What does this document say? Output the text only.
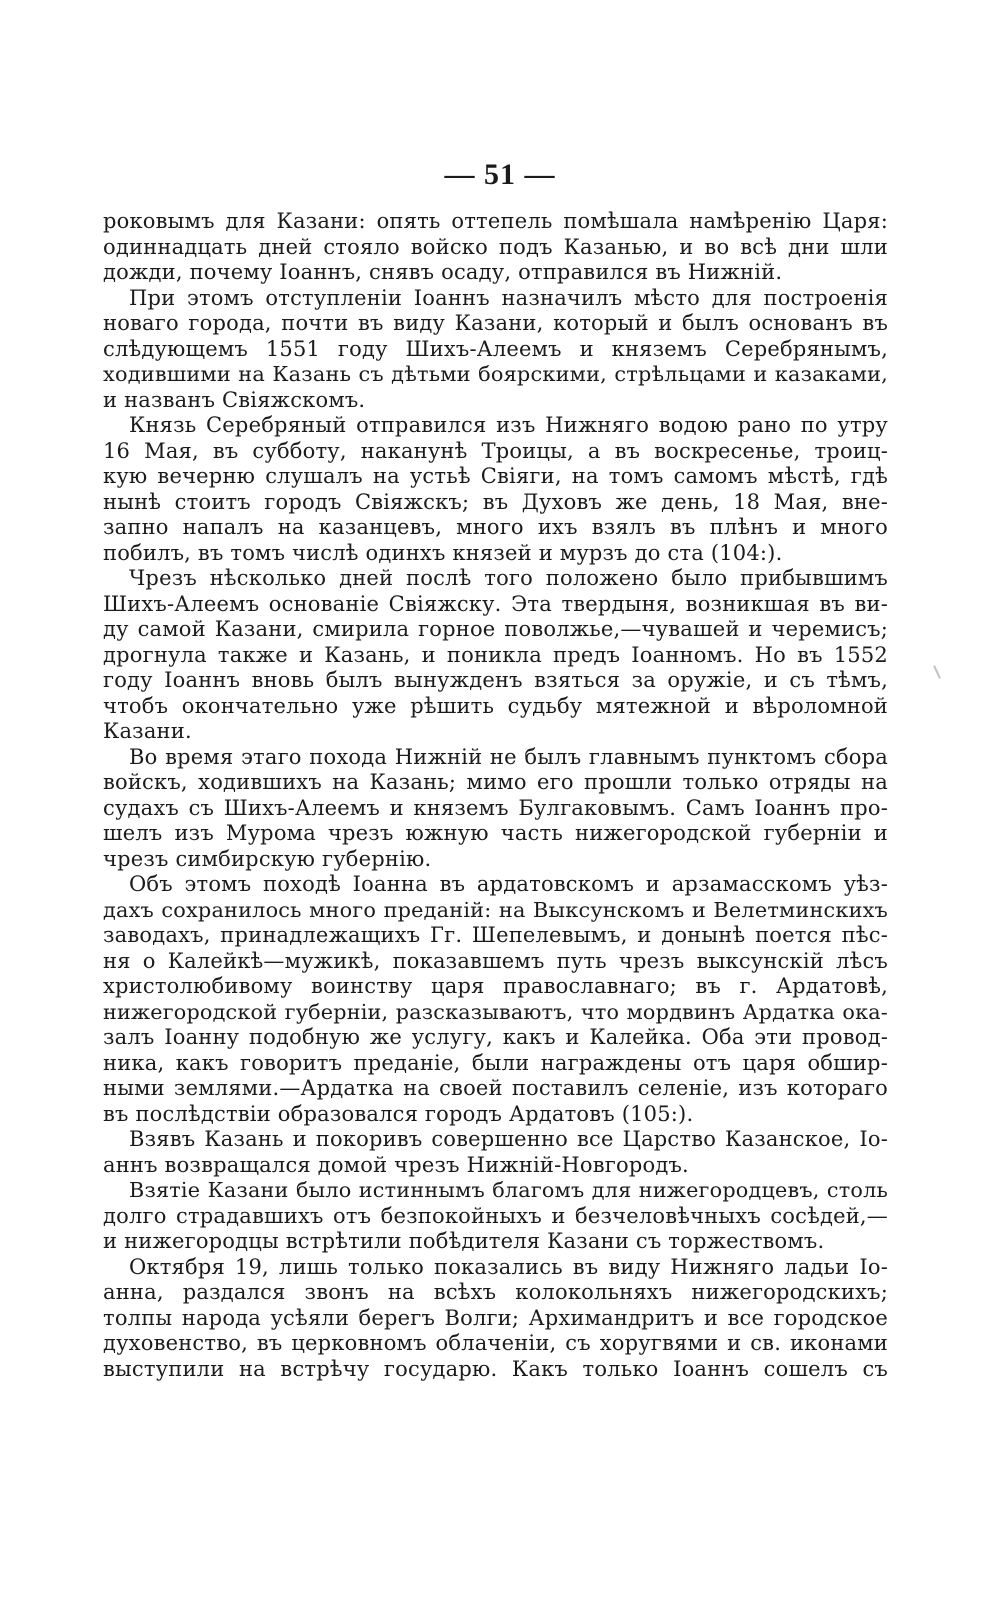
— 51 —
роковымъ для Казани: опять оттепель помѣшала намѣренію Царя:
одиннадцать дней стояло войско подъ Казанью, и во всѣ дни шли
дожди, почему Іоаннъ, снявъ осаду, отправился въ Нижній.
При этомъ отступленіи Іоаннъ назначилъ мѣсто для построенія
новаго города, почти въ виду Казани, который и былъ основанъ въ
слѣдующемъ 1551 году Шихъ-Алеемъ и княземъ Серебрянымъ,
ходившими на Казань съ дѣтьми боярскими, стрѣльцами и казаками,
и названъ Свіяжскомъ.
Князь Серебряный отправился изъ Нижняго водою рано по утру
16 Мая, въ субботу, наканунѣ Троицы, а въ воскресенье, троиц-
кую вечерню слушалъ на устьѣ Свіяги, на томъ самомъ мѣстѣ, гдѣ
нынѣ стоитъ городъ Свіяжскъ; въ Духовъ же день, 18 Мая, вне-
запно напалъ на казанцевъ, много ихъ взялъ въ плѣнъ и много
побилъ, въ томъ числѣ одинхъ князей и мурзъ до ста (104:).
Чрезъ нѣсколько дней послѣ того положено было прибывшимъ
Шихъ-Алеемъ основаніе Свіяжску. Эта твердыня, возникшая въ ви-
ду самой Казани, смирила горное поволжье,—чувашей и черемисъ;
дрогнула также и Казань, и поникла предъ Іоанномъ. Но въ 1552
году Іоаннъ вновь былъ вынужденъ взяться за оружіе, и съ тѣмъ,
чтобъ окончательно уже рѣшить судьбу мятежной и вѣроломной
Казани.
Во время этаго похода Нижній не былъ главнымъ пунктомъ сбора
войскъ, ходившихъ на Казань; мимо его прошли только отряды на
судахъ съ Шихъ-Алеемъ и княземъ Булгаковымъ. Самъ Іоаннъ про-
шелъ изъ Мурома чрезъ южную часть нижегородской губерніи и
чрезъ симбирскую губернію.
Объ этомъ походѣ Іоанна въ ардатовскомъ и арзамасскомъ уѣз-
дахъ сохранилось много преданій: на Выксунскомъ и Велетминскихъ
заводахъ, принадлежащихъ Гг. Шепелевымъ, и донынѣ поется пѣс-
ня о Калейкѣ—мужикѣ, показавшемъ путь чрезъ выксунскій лѣсъ
христолюбивому воинству царя православнаго; въ г. Ардатовѣ,
нижегородской губерніи, разсказываютъ, что мордвинъ Ардатка ока-
залъ Іоанну подобную же услугу, какъ и Калейка. Оба эти провод-
ника, какъ говоритъ преданіе, были награждены отъ царя обшир-
ными землями.—Ардатка на своей поставилъ селеніе, изъ котораго
въ послѣдствіи образовался городъ Ардатовъ (105:).
Взявъ Казань и покоривъ совершенно все Царство Казанское, Іо-
аннъ возвращался домой чрезъ Нижній-Новгородъ.
Взятіе Казани было истиннымъ благомъ для нижегородцевъ, столь
долго страдавшихъ отъ безпокойныхъ и безчеловѣчныхъ сосѣдей,—
и нижегородцы встрѣтили побѣдителя Казани съ торжествомъ.
Октября 19, лишь только показались въ виду Нижняго ладьи Іо-
анна, раздался звонъ на всѣхъ колокольняхъ нижегородскихъ;
толпы народа усѣяли берегъ Волги; Архимандритъ и все городское
духовенство, въ церковномъ облаченіи, съ хоругвями и св. иконами
выступили на встрѣчу государю. Какъ только Іоаннъ сошелъ съ
